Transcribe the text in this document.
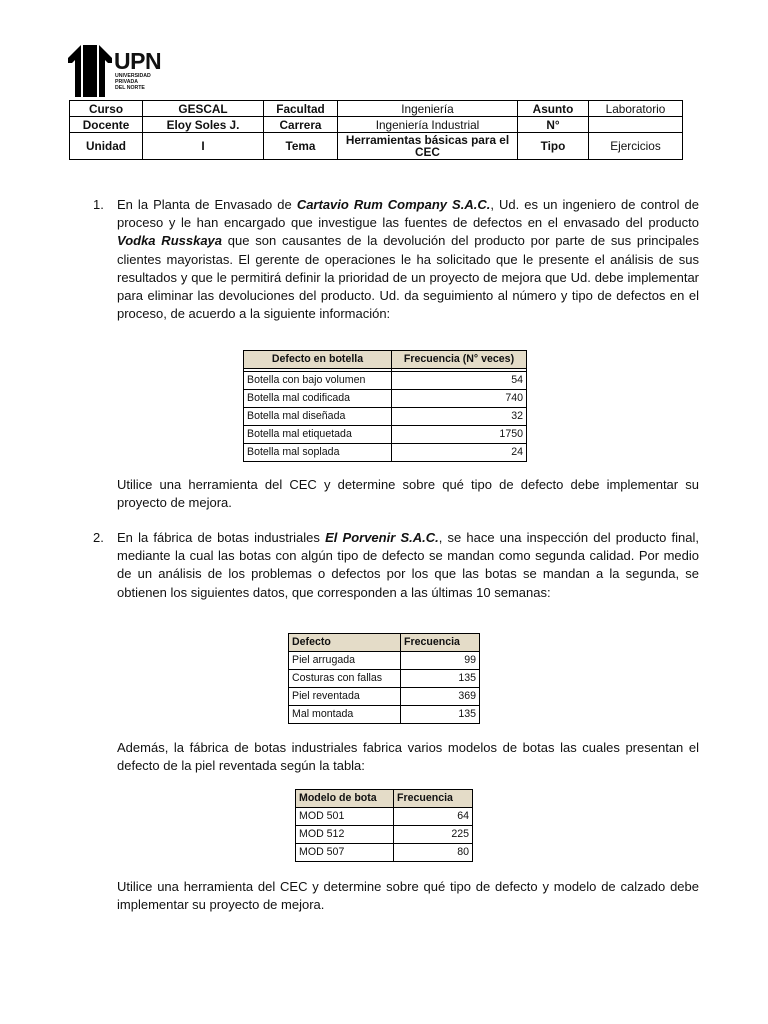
UPN
UNIVERSIDAD
PRIVADA
DEL NORTE
Curso	GESCAL	Facultad	Ingeniería	Asunto	Laboratorio
Docente	Eloy Soles J.	Carrera	Ingeniería Industrial	N°	
Unidad	I	Tema	Herramientas básicas para el CEC	Tipo	Ejercicios
1. En la Planta de Envasado de Cartavio Rum Company S.A.C., Ud. es un ingeniero de control de proceso y le han encargado que investigue las fuentes de defectos en el envasado del producto Vodka Russkaya que son causantes de la devolución del producto por parte de sus principales clientes mayoristas. El gerente de operaciones le ha solicitado que le presente el análisis de sus resultados y que le permitirá definir la prioridad de un proyecto de mejora que Ud. debe implementar para eliminar las devoluciones del producto. Ud. da seguimiento al número y tipo de defectos en el proceso, de acuerdo a la siguiente información:
Defecto en botella	Frecuencia (N° veces)

Botella con bajo volumen	54
Botella mal codificada	740
Botella mal diseñada	32
Botella mal etiquetada	1750
Botella mal soplada	24
Utilice una herramienta del CEC y determine sobre qué tipo de defecto debe implementar su proyecto de mejora.
2. En la fábrica de botas industriales El Porvenir S.A.C., se hace una inspección del producto final, mediante la cual las botas con algún tipo de defecto se mandan como segunda calidad. Por medio de un análisis de los problemas o defectos por los que las botas se mandan a la segunda, se obtienen los siguientes datos, que corresponden a las últimas 10 semanas:
Defecto	Frecuencia
Piel arrugada	99
Costuras con fallas	135
Piel reventada	369
Mal montada	135
Además, la fábrica de botas industriales fabrica varios modelos de botas las cuales presentan el defecto de la piel reventada según la tabla:
Modelo de bota	Frecuencia
MOD 501	64
MOD 512	225
MOD 507	80
Utilice una herramienta del CEC y determine sobre qué tipo de defecto y modelo de calzado debe implementar su proyecto de mejora.
